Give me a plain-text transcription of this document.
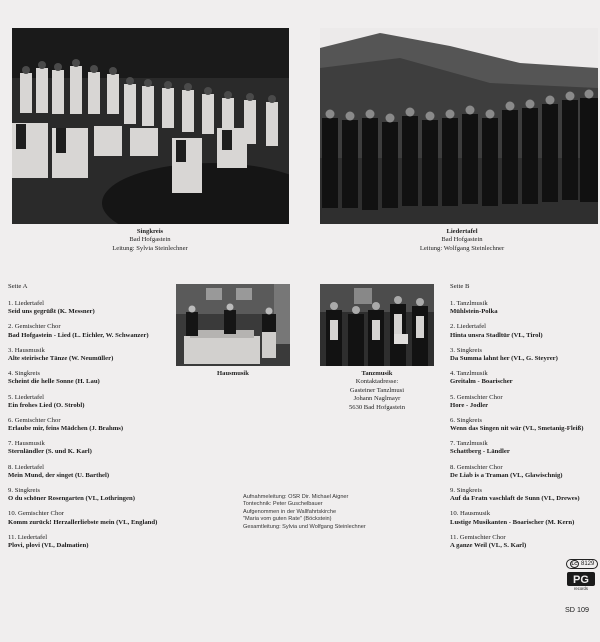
Singkreis
Bad Hofgastein
Leitung: Sylvia Steinlechner
Liedertafel
Bad Hofgastein
Leitung: Wolfgang Steinlechner
Hausmusik	Tanzmusik
Kontaktadresse:
Gasteiner Tanzlmusi
Johann Naglmayr
5630 Bad Hofgastein
Seite A
1. Liedertafel
Seid uns gegrüßt (K. Messner)
2. Gemischter Chor
Bad Hofgastein - Lied (L. Eichler, W. Schwanzer)
3. Hausmusik
Alte steirische Tänze (W. Neumüller)
4. Singkreis
Scheint die helle Sonne (H. Lau)
5. Liedertafel
Ein frohes Lied (O. Strobl)
6. Gemischter Chor
Erlaube mir, feins Mädchen (J. Brahms)
7. Hausmusik
Sternländler (S. und K. Karl)
8. Liedertafel
Mein Mund, der singet (U. Barthel)
9. Singkreis
O du schöner Rosengarten (VL, Lothringen)
10. Gemischter Chor
Komm zurück! Herzallerliebste mein (VL, England)
11. Liedertafel
Plovi, plovi (VL, Dalmatien)
Seite B
1. Tanzlmusik
Mühlstein-Polka
2. Liedertafel
Hinta unsra Stadltür (VL, Tirol)
3. Singkreis
Da Summa lahnt her (VL, G. Steyrer)
4. Tanzlmusik
Greitalm - Boarischer
5. Gemischter Chor
Hore - Jodler
6. Singkreis
Wenn das Singen nit wär (VL, Smetanig-Fleiß)
7. Tanzlmusik
Schattberg - Ländler
8. Gemischter Chor
De Liab is a Traman (VL, Glawischnig)
9. Singkreis
Auf da Fratn vaschlaft de Sunn (VL, Drewes)
10. Hausmusik
Lustige Musikanten - Boarischer (M. Kern)
11. Gemischter Chor
A ganze Weil (VL, S. Karl)
Aufnahmeleitung: OSR Dir. Michael Aigner
Tontechnik: Peter Guschelbauer
Aufgenommen in der Wallfahrtskirche
"Maria vom guten Rate" (Böckstein)
Gesamtleitung: Sylvia und Wolfgang Steinlechner
LC 8129
PG
records
SD 109
